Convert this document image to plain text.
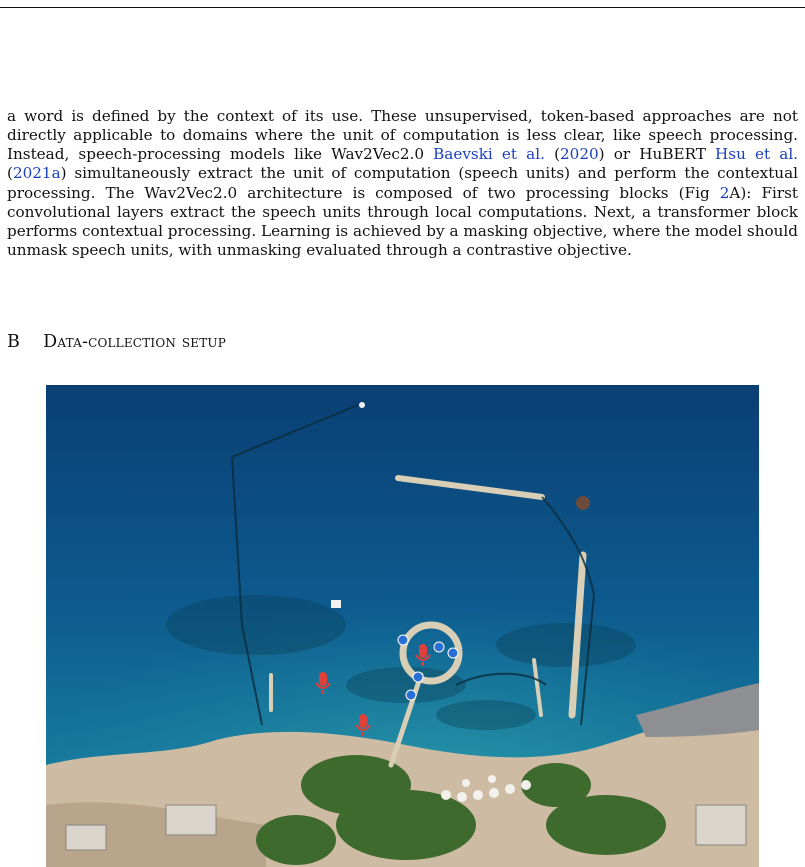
a word is defined by the context of its use. These unsupervised, token-based approaches are not directly applicable to domains where the unit of computation is less clear, like speech processing. Instead, speech-processing models like Wav2Vec2.0 Baevski et al. (2020) or HuBERT Hsu et al. (2021a) simultaneously extract the unit of computation (speech units) and perform the contextual processing. The Wav2Vec2.0 architecture is composed of two processing blocks (Fig 2A): First convolutional layers extract the speech units through local computations. Next, a transformer block performs contextual processing. Learning is achieved by a masking objective, where the model should unmask speech units, with unmasking evaluated through a contrastive objective.

B Data-collection setup
